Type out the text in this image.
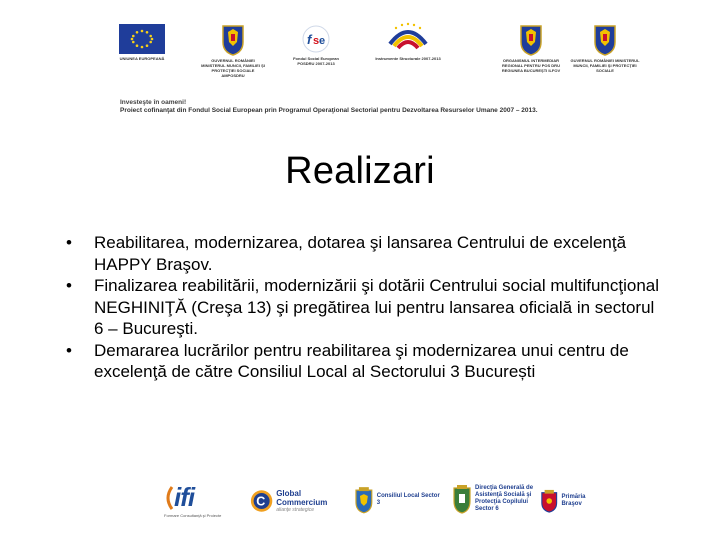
UNIUNEA EUROPEANĂ	GUVERNUL ROMÂNIEI MINISTERUL MUNCII, FAMILIEI ŞI PROTECŢIEI SOCIALE AMPOSDRU
f s e
Fondul Social European POSDRU 2007-2013
Instrumente Structurale 2007-2013	ORGANISMUL INTERMEDIAR REGIONAL PENTRU POS DRU REGIUNEA BUCUREŞTI ILFOV
GUVERNUL ROMÂNIEI MINISTERUL MUNCII, FAMILIEI ŞI PROTECŢIEI SOCIALE
Investeşte în oameni!
Proiect cofinanţat din Fondul Social European prin Programul Operaţional Sectorial pentru Dezvoltarea Resurselor Umane 2007 – 2013.
Realizari
• Reabilitarea, modernizarea, dotarea şi lansarea Centrului de excelenţă HAPPY Braşov.
• Finalizarea reabilitării, modernizării şi dotării Centrului social multifuncţional NEGHINIŢĂ (Creşa 13) şi pregătirea lui pentru lansarea oficială in sectorul 6 – Bucureşti.
• Demararea lucrărilor pentru reabilitarea şi modernizarea unui centru de excelenţă de către Consiliul Local al Sectorului 3 București
ifi
Formare Consultanţă şi Proiecte
C
Global Commercium
alianţe strategice
Consiliul Local Sector 3
Direcţia Generală de
Asistenţă Socială şi
Protecţia Copilului
Sector 6
Primăria Braşov
